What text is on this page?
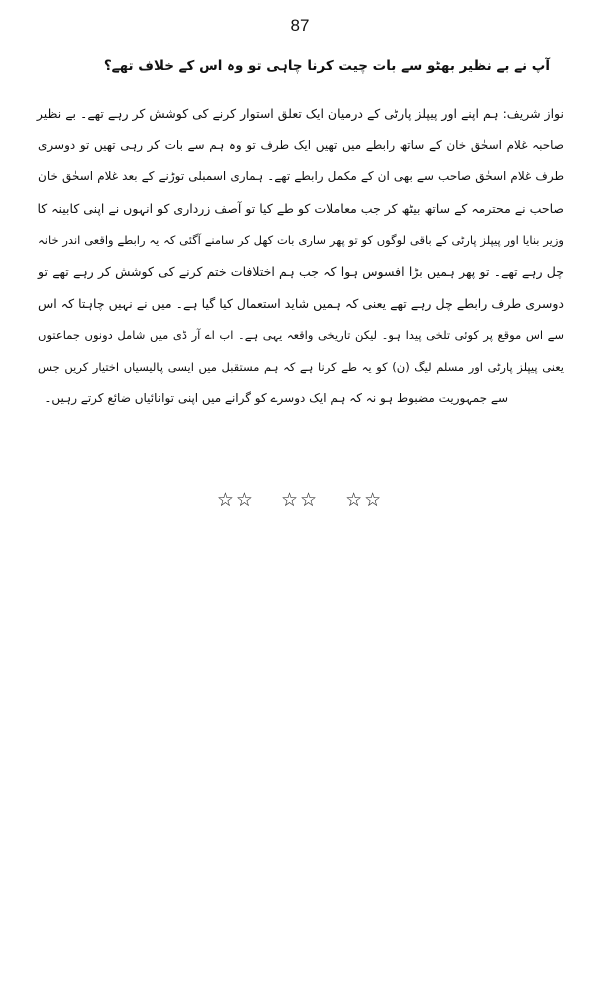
87
آپ نے بے نظیر بھٹو سے بات چیت کرنا چاہی تو وہ اس کے خلاف تھے؟
نواز شریف: ہم اپنے اور پیپلز پارٹی کے درمیان ایک تعلق استوار کرنے کی کوشش کر رہے تھے۔ بے نظیر
صاحبہ غلام اسحٰق خان کے ساتھ رابطے میں تھیں ایک طرف تو وہ ہم سے بات کر رہی تھیں تو دوسری
طرف غلام اسحٰق صاحب سے بھی ان کے مکمل رابطے تھے۔ ہماری اسمبلی توڑنے کے بعد غلام اسحٰق خان
صاحب نے محترمہ کے ساتھ بیٹھ کر جب معاملات کو طے کیا تو آصف زرداری کو انہوں نے اپنی کابینہ کا
وزیر بنایا اور پیپلز پارٹی کے باقی لوگوں کو تو پھر ساری بات کھل کر سامنے آگئی کہ یہ رابطے واقعی اندر خانہ
چل رہے تھے۔ تو پھر ہمیں بڑا افسوس ہوا کہ جب ہم اختلافات ختم کرنے کی کوشش کر رہے تھے تو
دوسری طرف رابطے چل رہے تھے یعنی کہ ہمیں شاید استعمال کیا گیا ہے۔ میں نے نہیں چاہتا کہ اس
سے اس موقع پر کوئی تلخی پیدا ہو۔ لیکن تاریخی واقعہ یہی ہے۔ اب اے آر ڈی میں شامل دونوں جماعتوں
یعنی پیپلز پارٹی اور مسلم لیگ (ن) کو یہ طے کرنا ہے کہ ہم مستقبل میں ایسی پالیسیاں اختیار کریں جس
سے جمہوریت مضبوط ہو نہ کہ ہم ایک دوسرے کو گرانے میں اپنی توانائیاں ضائع کرتے رہیں۔
☆☆ ☆☆ ☆☆
